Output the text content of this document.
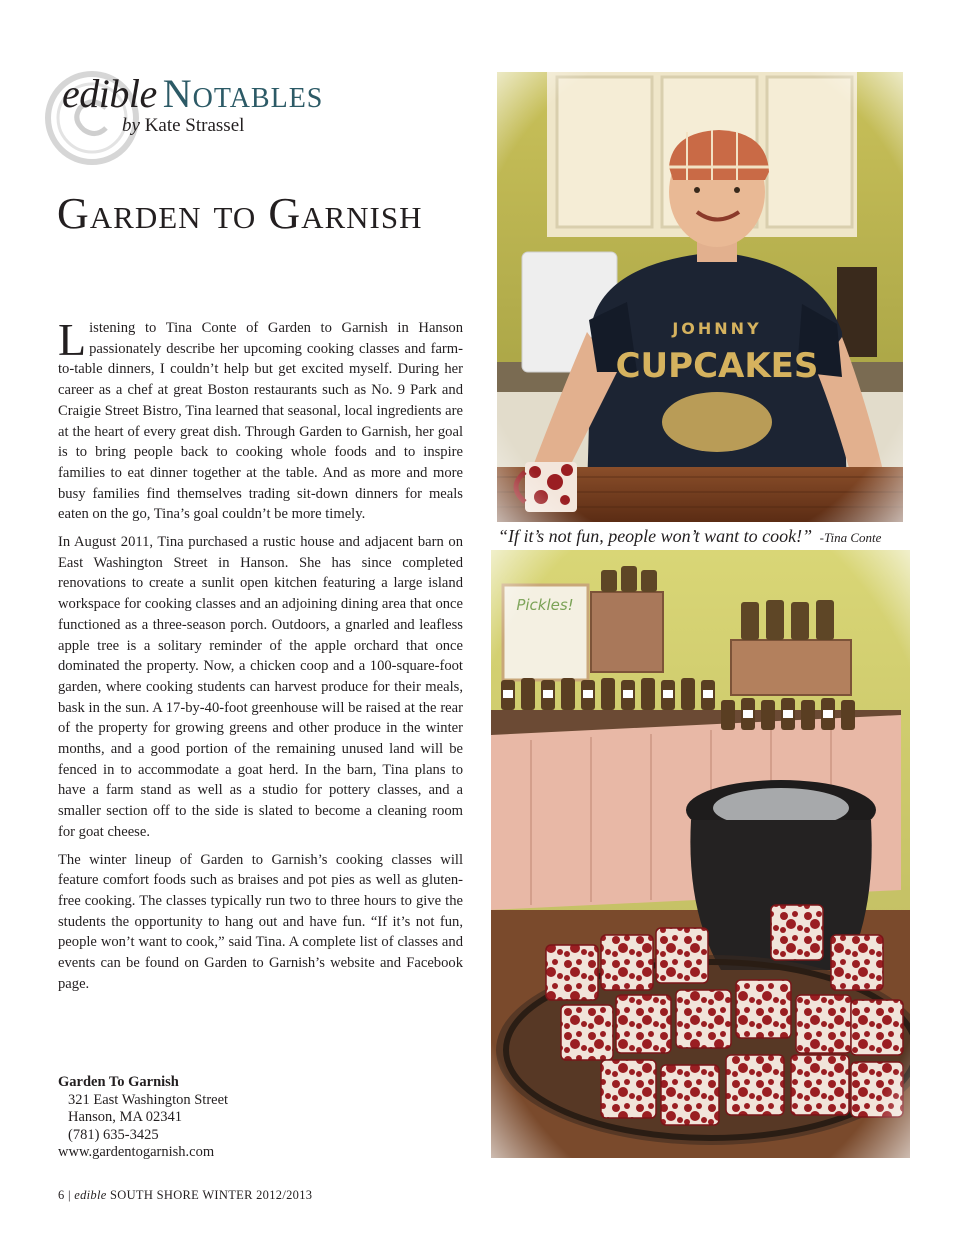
edible Notables
by Kate Strassel
Garden to Garnish

Listening to Tina Conte of Garden to Garnish in Hanson passionately describe her upcoming cooking classes and farm-to-table dinners, I couldn’t help but get excited myself. During her career as a chef at great Boston restaurants such as No. 9 Park and Craigie Street Bistro, Tina learned that seasonal, local ingredients are at the heart of every great dish. Through Garden to Garnish, her goal is to bring people back to cooking whole foods and to inspire families to eat dinner together at the table. And as more and more busy families find themselves trading sit-down dinners for meals eaten on the go, Tina’s goal couldn’t be more timely.

In August 2011, Tina purchased a rustic house and adjacent barn on East Washington Street in Hanson. She has since completed renovations to create a sunlit open kitchen featuring a large island workspace for cooking classes and an adjoining dining area that once functioned as a three-season porch. Outdoors, a gnarled and leafless apple tree is a solitary reminder of the apple orchard that once dominated the property. Now, a chicken coop and a 100-square-foot garden, where cooking students can harvest produce for their meals, bask in the sun. A 17-by-40-foot greenhouse will be raised at the rear of the property for growing greens and other produce in the winter months, and a good portion of the remaining unused land will be fenced in to accommodate a goat herd. In the barn, Tina plans to have a farm stand as well as a studio for pottery classes, and a smaller section off to the side is slated to become a cleaning room for goat cheese.

The winter lineup of Garden to Garnish’s cooking classes will feature comfort foods such as braises and pot pies as well as gluten-free cooking. The classes typically run two to three hours to give the students the opportunity to hang out and have fun. “If it’s not fun, people won’t want to cook,” said Tina. A complete list of classes and events can be found on Garden to Garnish’s website and Facebook page.

Garden To Garnish
321 East Washington Street
Hanson, MA 02341
(781) 635-3425
www.gardentogarnish.com
6 | edible SOUTH SHORE WINTER 2012/2013
“If it’s not fun, people won’t want to cook!” -Tina Conte
